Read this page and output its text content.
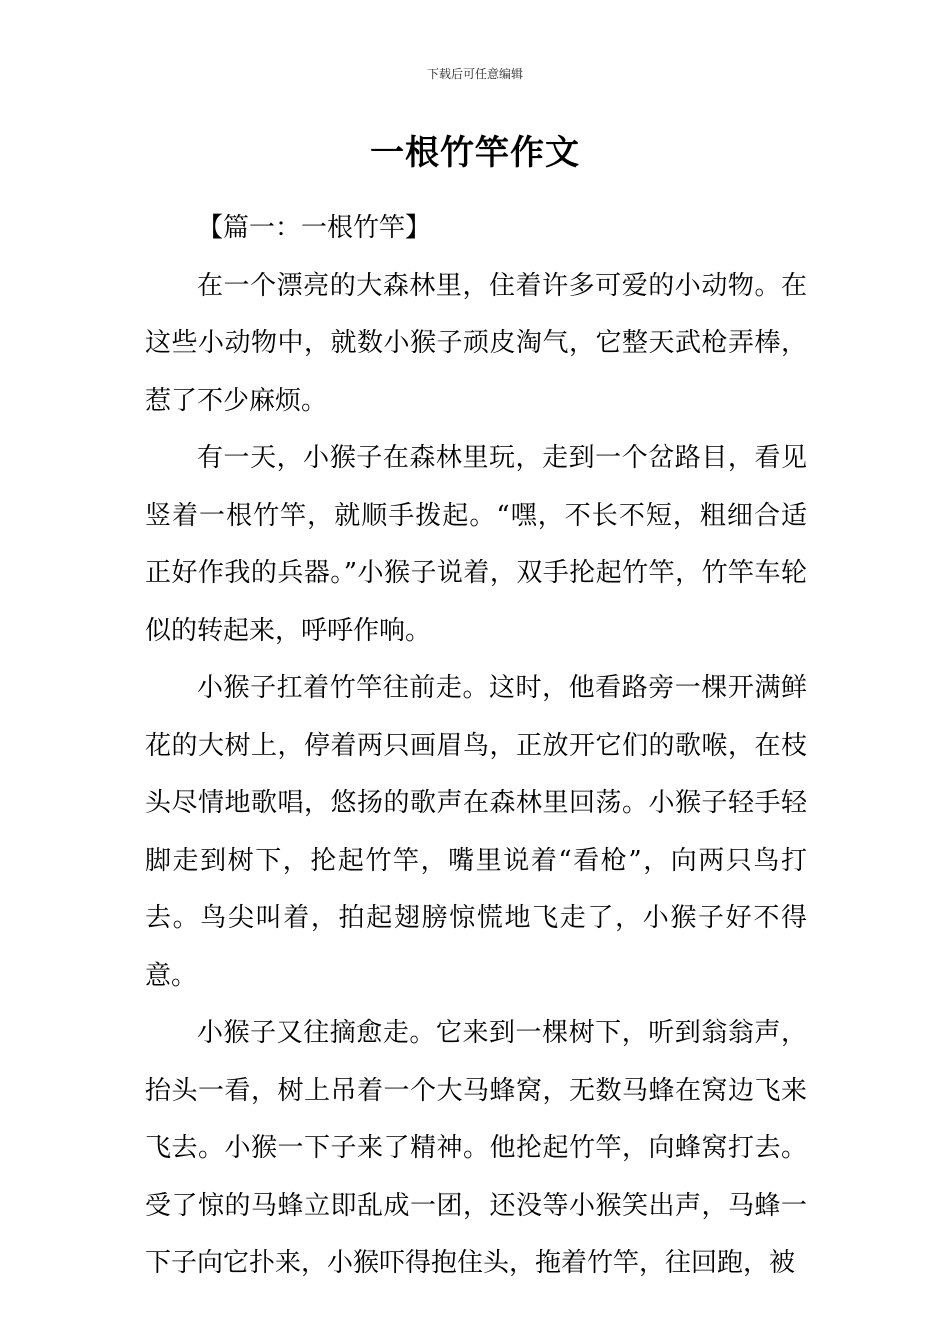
下载后可任意编辑
一根竹竿作文

【篇一：一根竹竿】

在一个漂亮的大森林里，住着许多可爱的小动物。在这些小动物中，就数小猴子顽皮淘气，它整天武枪弄棒，惹了不少麻烦。

有一天，小猴子在森林里玩，走到一个岔路目，看见竖着一根竹竿，就顺手拨起。“嘿，不长不短，粗细合适正好作我的兵器。”小猴子说着，双手抡起竹竿，竹竿车轮似的转起来，呼呼作响。

小猴子扛着竹竿往前走。这时，他看路旁一棵开满鲜花的大树上，停着两只画眉鸟，正放开它们的歌喉，在枝头尽情地歌唱，悠扬的歌声在森林里回荡。小猴子轻手轻脚走到树下，抡起竹竿，嘴里说着“看枪”，向两只鸟打去。鸟尖叫着，拍起翅膀惊慌地飞走了，小猴子好不得意。

小猴子又往摘愈走。它来到一棵树下，听到翁翁声，抬头一看，树上吊着一个大马蜂窝，无数马蜂在窝边飞来飞去。小猴一下子来了精神。他抡起竹竿，向蜂窝打去。受了惊的马蜂立即乱成一团，还没等小猴笑出声，马蜂一下子向它扑来，小猴吓得抱住头，拖着竹竿，往回跑，被
